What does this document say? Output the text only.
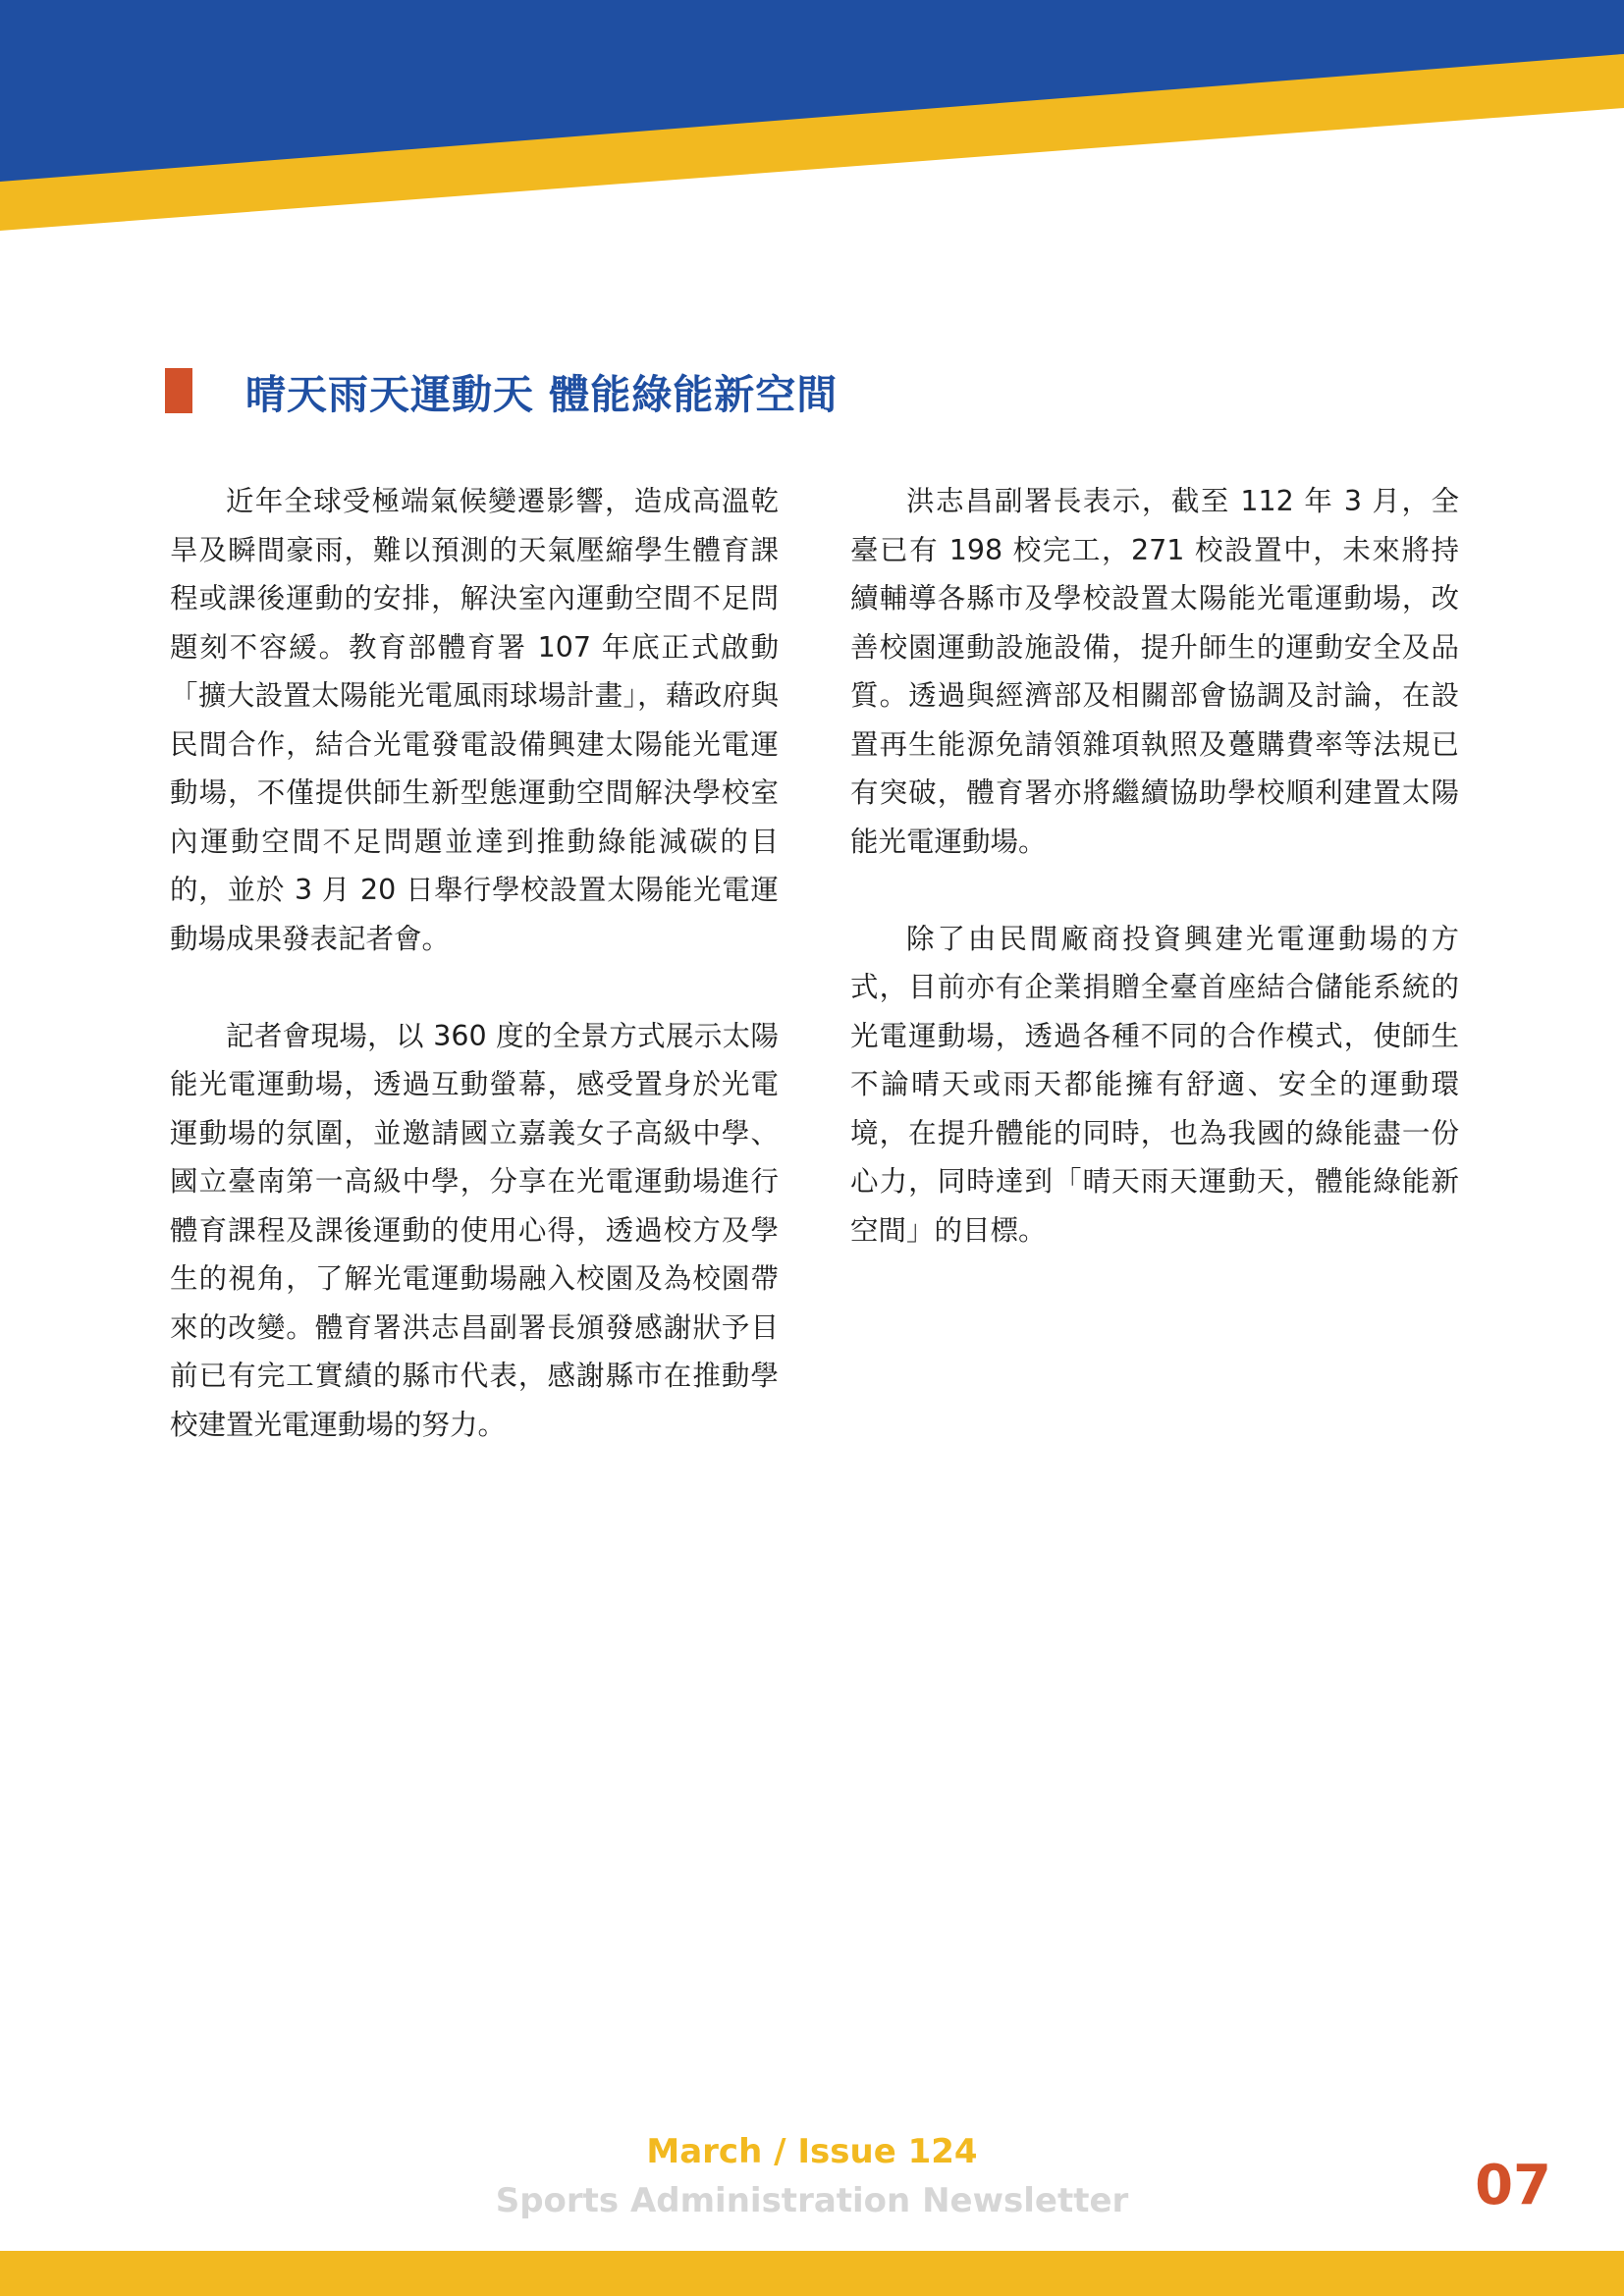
晴天雨天運動天 體能綠能新空間

近年全球受極端氣候變遷影響，造成高溫乾旱及瞬間豪雨，難以預測的天氣壓縮學生體育課程或課後運動的安排，解決室內運動空間不足問題刻不容緩。教育部體育署 107 年底正式啟動「擴大設置太陽能光電風雨球場計畫」，藉政府與民間合作，結合光電發電設備興建太陽能光電運動場，不僅提供師生新型態運動空間解決學校室內運動空間不足問題並達到推動綠能減碳的目的，並於 3 月 20 日舉行學校設置太陽能光電運動場成果發表記者會。

記者會現場，以 360 度的全景方式展示太陽能光電運動場，透過互動螢幕，感受置身於光電運動場的氛圍，並邀請國立嘉義女子高級中學、國立臺南第一高級中學，分享在光電運動場進行體育課程及課後運動的使用心得，透過校方及學生的視角，了解光電運動場融入校園及為校園帶來的改變。體育署洪志昌副署長頒發感謝狀予目前已有完工實績的縣市代表，感謝縣市在推動學校建置光電運動場的努力。

洪志昌副署長表示，截至 112 年 3 月，全臺已有 198 校完工，271 校設置中，未來將持續輔導各縣市及學校設置太陽能光電運動場，改善校園運動設施設備，提升師生的運動安全及品質。透過與經濟部及相關部會協調及討論，在設置再生能源免請領雜項執照及躉購費率等法規已有突破，體育署亦將繼續協助學校順利建置太陽能光電運動場。

除了由民間廠商投資興建光電運動場的方式，目前亦有企業捐贈全臺首座結合儲能系統的光電運動場，透過各種不同的合作模式，使師生不論晴天或雨天都能擁有舒適、安全的運動環境，在提升體能的同時，也為我國的綠能盡一份心力，同時達到「晴天雨天運動天，體能綠能新空間」的目標。

March / Issue 124
Sports Administration Newsletter	07
